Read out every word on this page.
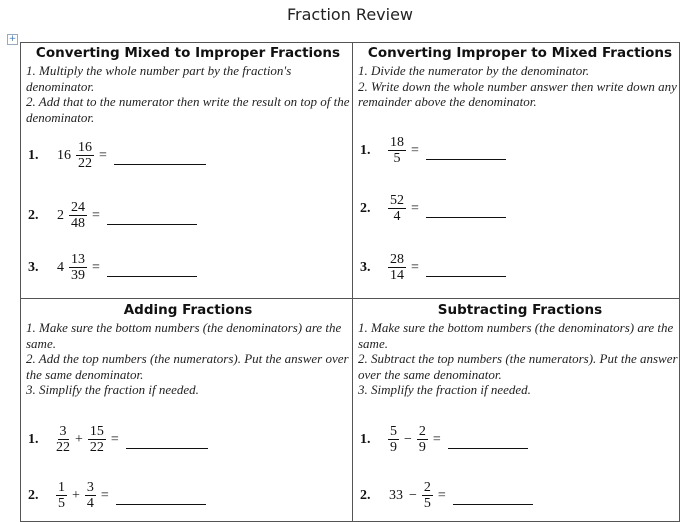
Fraction Review
+
Converting Mixed to Improper Fractions
1. Multiply the whole number part by the fraction's denominator.
2. Add that to the numerator then write the result on top of the denominator.
1.	$16 \frac{16}{22}$ =
2.	$2 \frac{24}{48}$ =
3.	$4 \frac{13}{39}$ =
Converting Improper to Mixed Fractions
1. Divide the numerator by the denominator.
2. Write down the whole number answer then write down any remainder above the denominator.
1.	$\frac{18}{5}$ =
2.	$\frac{52}{4}$ =
3.	$\frac{28}{14}$ =
Adding Fractions
1. Make sure the bottom numbers (the denominators) are the same.
2. Add the top numbers (the numerators). Put the answer over the same denominator.
3. Simplify the fraction if needed.
1.	$\frac{3}{22} + \frac{15}{22}$ =
2.	$\frac{1}{5} + \frac{3}{4}$ =
Subtracting Fractions
1. Make sure the bottom numbers (the denominators) are the same.
2. Subtract the top numbers (the numerators). Put the answer over the same denominator.
3. Simplify the fraction if needed.
1.	$\frac{5}{9} - \frac{2}{9}$ =
2.	$33 - \frac{2}{5}$ =
